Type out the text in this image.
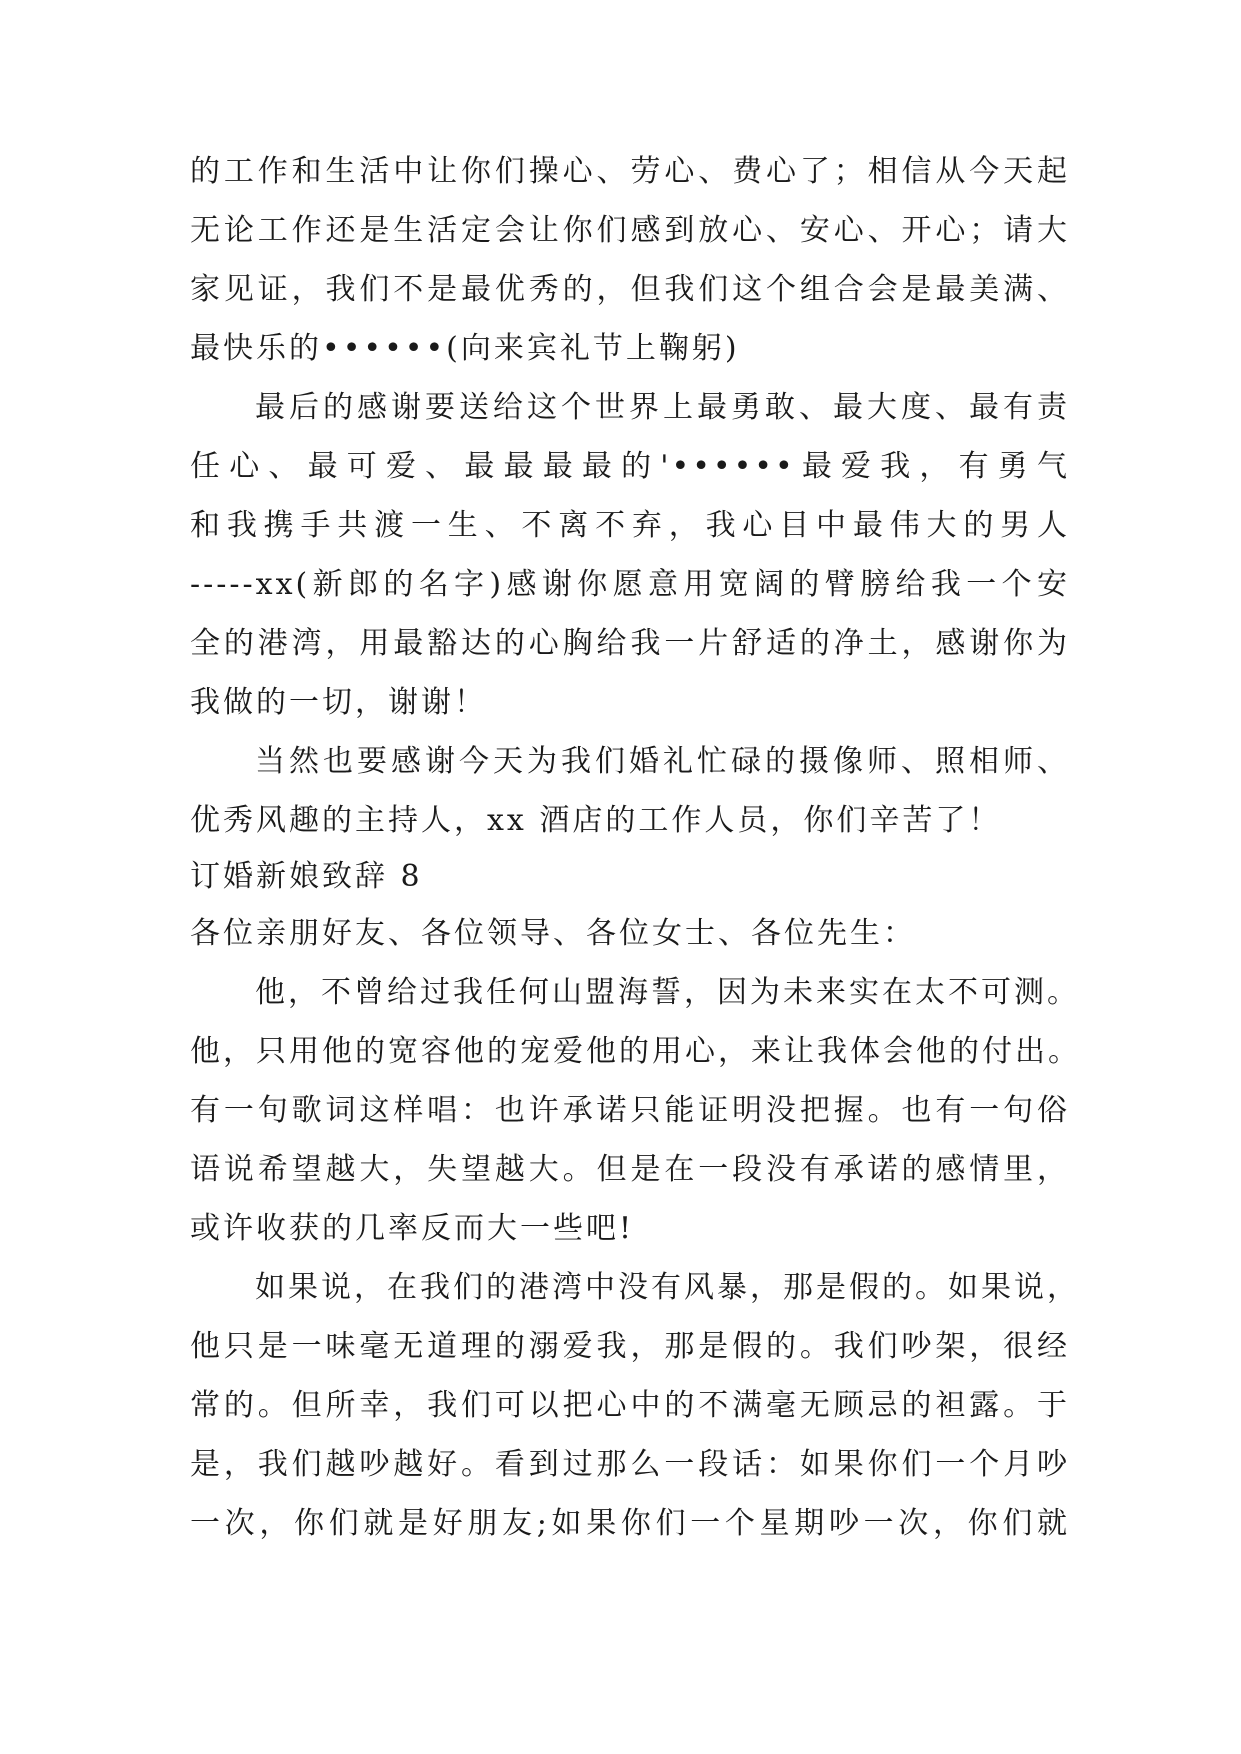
的工作和生活中让你们操心、劳心、费心了；相信从今天起
无论工作还是生活定会让你们感到放心、安心、开心；请大
家见证，我们不是最优秀的，但我们这个组合会是最美满、
最快乐的••••••(向来宾礼节上鞠躬)
最后的感谢要送给这个世界上最勇敢、最大度、最有责
任心、最可爱、最最最最的'••••••最爱我，有勇气
和我携手共渡一生、不离不弃，我心目中最伟大的男人
-----xx(新郎的名字)感谢你愿意用宽阔的臂膀给我一个安
全的港湾，用最豁达的心胸给我一片舒适的净土，感谢你为
我做的一切，谢谢！
当然也要感谢今天为我们婚礼忙碌的摄像师、照相师、
优秀风趣的主持人，xx 酒店的工作人员，你们辛苦了！
订婚新娘致辞 8
各位亲朋好友、各位领导、各位女士、各位先生：
他，不曾给过我任何山盟海誓，因为未来实在太不可测。
他，只用他的宽容他的宠爱他的用心，来让我体会他的付出。
有一句歌词这样唱：也许承诺只能证明没把握。也有一句俗
语说希望越大，失望越大。但是在一段没有承诺的感情里，
或许收获的几率反而大一些吧!
如果说，在我们的港湾中没有风暴，那是假的。如果说，
他只是一味毫无道理的溺爱我，那是假的。我们吵架，很经
常的。但所幸，我们可以把心中的不满毫无顾忌的袒露。于
是，我们越吵越好。看到过那么一段话：如果你们一个月吵
一次，你们就是好朋友;如果你们一个星期吵一次，你们就
